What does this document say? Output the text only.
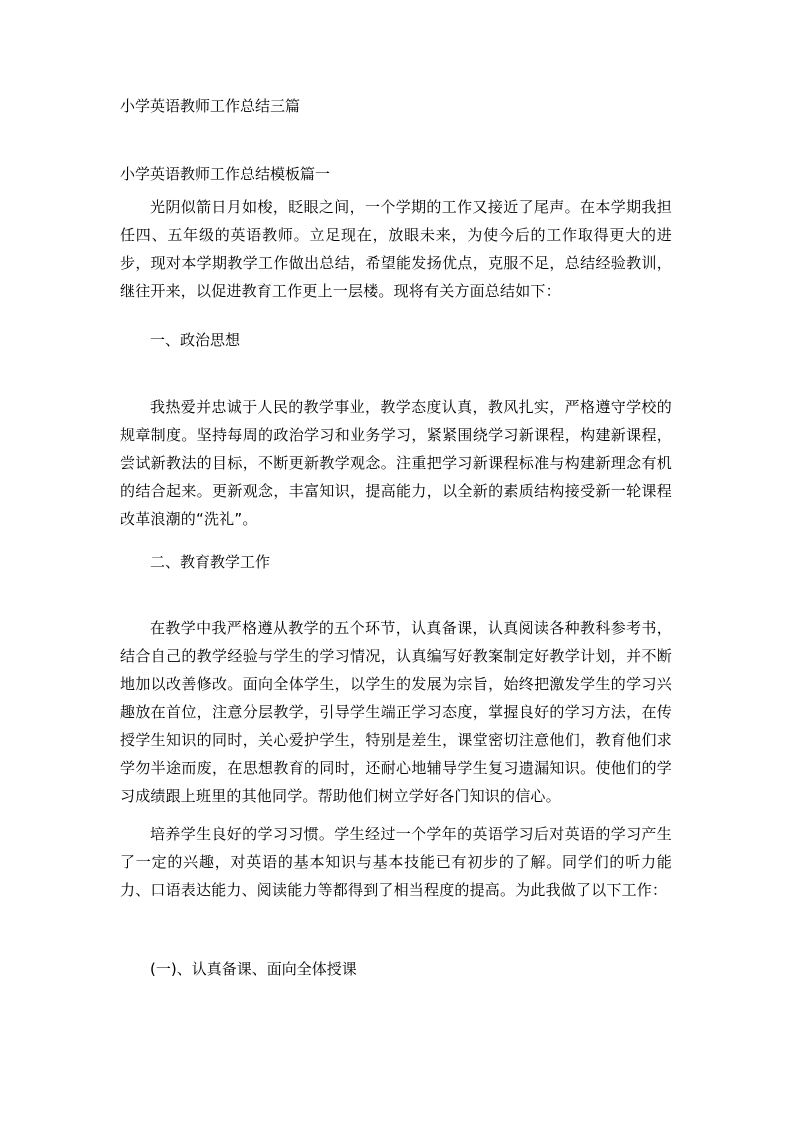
小学英语教师工作总结三篇
小学英语教师工作总结模板篇一
光阴似箭日月如梭，眨眼之间，一个学期的工作又接近了尾声。在本学期我担任四、五年级的英语教师。立足现在，放眼未来，为使今后的工作取得更大的进步，现对本学期教学工作做出总结，希望能发扬优点，克服不足，总结经验教训，继往开来，以促进教育工作更上一层楼。现将有关方面总结如下：
一、政治思想
我热爱并忠诚于人民的教学事业，教学态度认真，教风扎实，严格遵守学校的规章制度。坚持每周的政治学习和业务学习，紧紧围绕学习新课程，构建新课程，尝试新教法的目标，不断更新教学观念。注重把学习新课程标准与构建新理念有机的结合起来。更新观念，丰富知识，提高能力，以全新的素质结构接受新一轮课程改革浪潮的“洗礼”。
二、教育教学工作
在教学中我严格遵从教学的五个环节，认真备课，认真阅读各种教科参考书，结合自己的教学经验与学生的学习情况，认真编写好教案制定好教学计划，并不断地加以改善修改。面向全体学生，以学生的发展为宗旨，始终把激发学生的学习兴趣放在首位，注意分层教学，引导学生端正学习态度，掌握良好的学习方法，在传授学生知识的同时，关心爱护学生，特别是差生，课堂密切注意他们，教育他们求学勿半途而废，在思想教育的同时，还耐心地辅导学生复习遗漏知识。使他们的学习成绩跟上班里的其他同学。帮助他们树立学好各门知识的信心。
培养学生良好的学习习惯。学生经过一个学年的英语学习后对英语的学习产生了一定的兴趣，对英语的基本知识与基本技能已有初步的了解。同学们的听力能力、口语表达能力、阅读能力等都得到了相当程度的提高。为此我做了以下工作：
(一)、认真备课、面向全体授课
